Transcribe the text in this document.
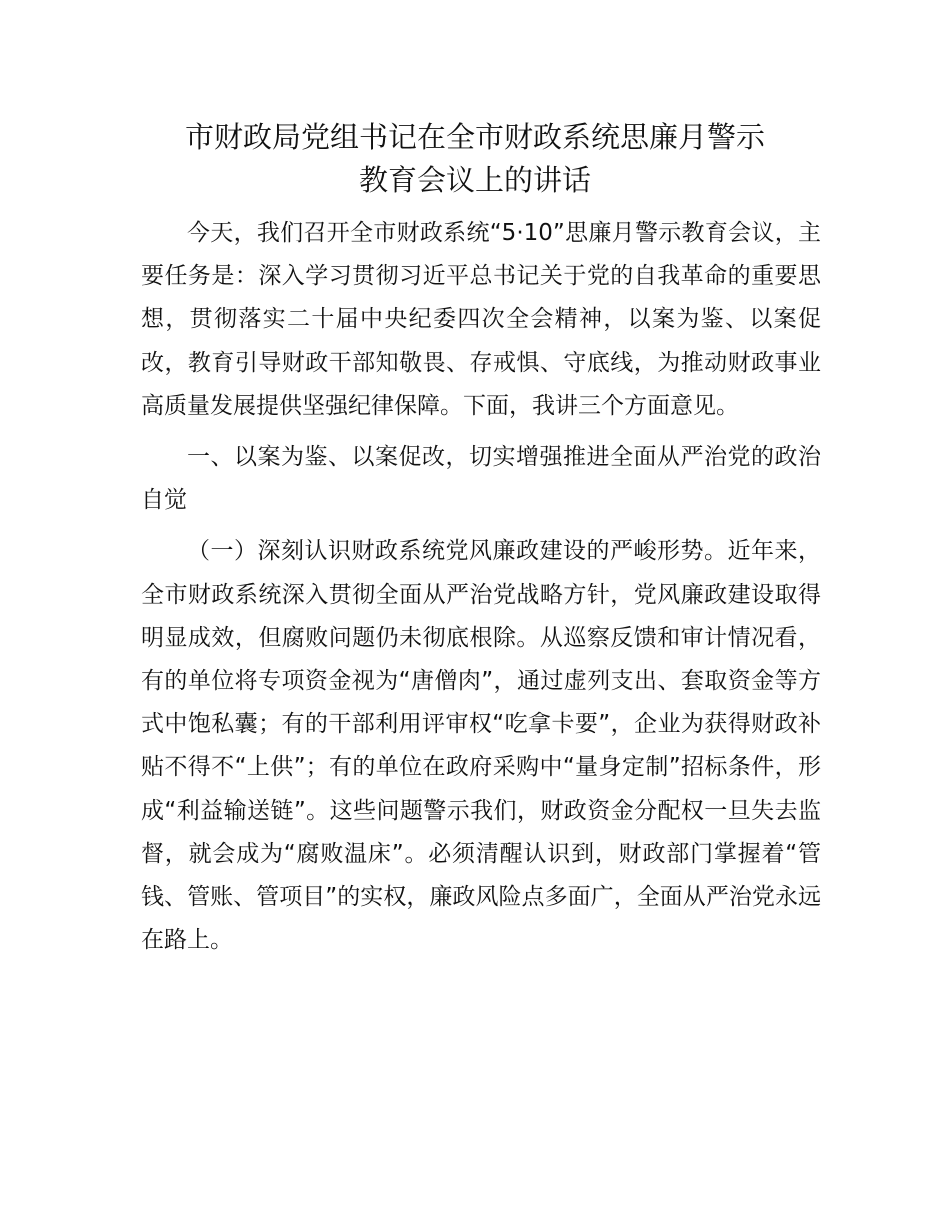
市财政局党组书记在全市财政系统思廉月警示
教育会议上的讲话

今天，我们召开全市财政系统“5·10”思廉月警示教育会议，主要任务是：深入学习贯彻习近平总书记关于党的自我革命的重要思想，贯彻落实二十届中央纪委四次全会精神，以案为鉴、以案促改，教育引导财政干部知敬畏、存戒惧、守底线，为推动财政事业高质量发展提供坚强纪律保障。下面，我讲三个方面意见。

一、以案为鉴、以案促改，切实增强推进全面从严治党的政治自觉

（一）深刻认识财政系统党风廉政建设的严峻形势。近年来，全市财政系统深入贯彻全面从严治党战略方针，党风廉政建设取得明显成效，但腐败问题仍未彻底根除。从巡察反馈和审计情况看，有的单位将专项资金视为“唐僧肉”，通过虚列支出、套取资金等方式中饱私囊；有的干部利用评审权“吃拿卡要”，企业为获得财政补贴不得不“上供”；有的单位在政府采购中“量身定制”招标条件，形成“利益输送链”。这些问题警示我们，财政资金分配权一旦失去监督，就会成为“腐败温床”。必须清醒认识到，财政部门掌握着“管钱、管账、管项目”的实权，廉政风险点多面广，全面从严治党永远在路上。
